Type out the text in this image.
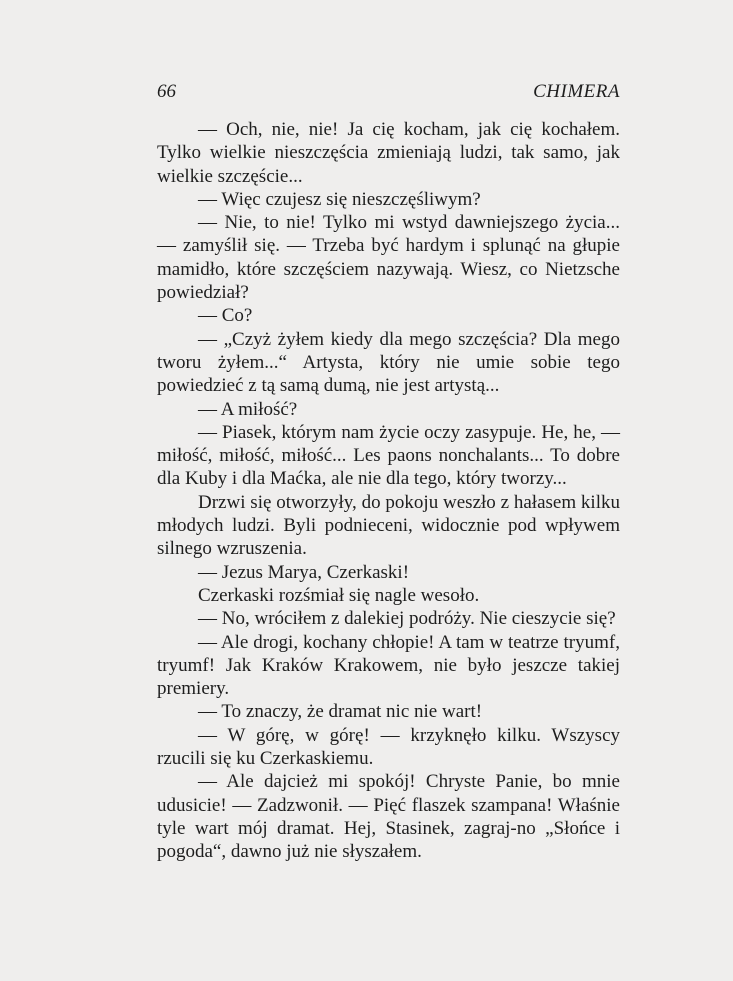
66	CHIMERA

— Och, nie, nie! Ja cię kocham, jak cię kochałem. Tylko wielkie nieszczęścia zmieniają ludzi, tak samo, jak wielkie szczęście...

— Więc czujesz się nieszczęśliwym?

— Nie, to nie! Tylko mi wstyd dawniejszego życia... — zamyślił się. — Trzeba być hardym i splunąć na głupie mamidło, które szczęściem nazywają. Wiesz, co Nietzsche powiedział?

— Co?

— „Czyż żyłem kiedy dla mego szczęścia? Dla mego tworu żyłem...“ Artysta, który nie umie sobie tego powiedzieć z tą samą dumą, nie jest artystą...

— A miłość?

— Piasek, którym nam życie oczy zasypuje. He, he, — miłość, miłość, miłość... Les paons nonchalants... To dobre dla Kuby i dla Maćka, ale nie dla tego, który tworzy...

Drzwi się otworzyły, do pokoju weszło z hałasem kilku młodych ludzi. Byli podnieceni, widocznie pod wpływem silnego wzruszenia.

— Jezus Marya, Czerkaski!

Czerkaski rozśmiał się nagle wesoło.

— No, wróciłem z dalekiej podróży. Nie cieszycie się?

— Ale drogi, kochany chłopie! A tam w teatrze tryumf, tryumf! Jak Kraków Krakowem, nie było jeszcze takiej premiery.

— To znaczy, że dramat nic nie wart!

— W górę, w górę! — krzyknęło kilku. Wszyscy rzucili się ku Czerkaskiemu.

— Ale dajcież mi spokój! Chryste Panie, bo mnie udusicie! — Zadzwonił. — Pięć flaszek szampana! Właśnie tyle wart mój dramat. Hej, Stasinek, zagraj-no „Słońce i pogoda“, dawno już nie słyszałem.
